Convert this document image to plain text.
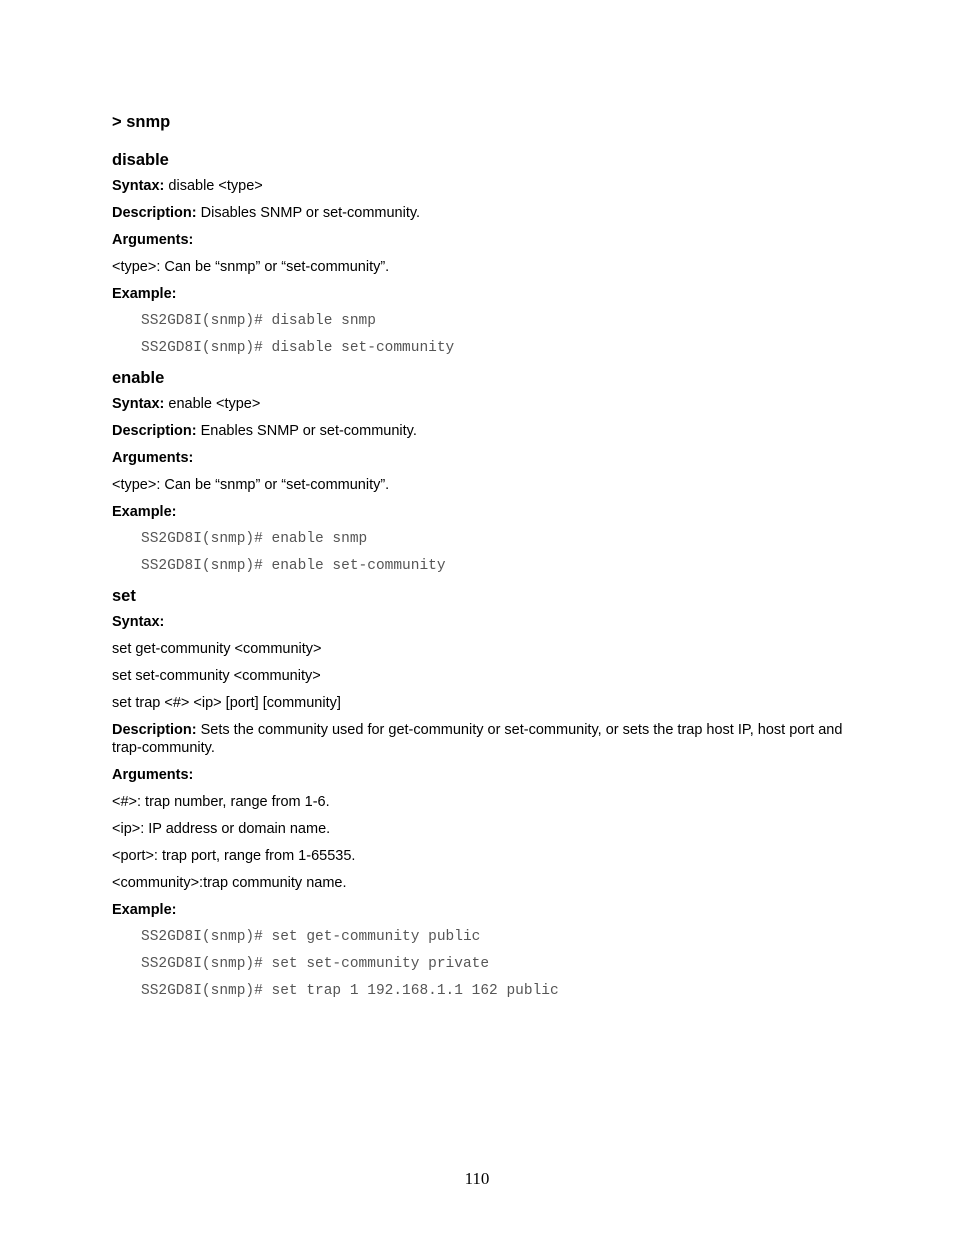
> snmp
disable
Syntax: disable <type>
Description: Disables SNMP or set-community.
Arguments:
<type>: Can be “snmp” or “set-community”.
Example:
SS2GD8I(snmp)# disable snmp
SS2GD8I(snmp)# disable set-community
enable
Syntax: enable <type>
Description: Enables SNMP or set-community.
Arguments:
<type>: Can be “snmp” or “set-community”.
Example:
SS2GD8I(snmp)# enable snmp
SS2GD8I(snmp)# enable set-community
set
Syntax:
set get-community <community>
set set-community <community>
set trap <#> <ip> [port] [community]
Description: Sets the community used for get-community or set-community, or sets the trap host IP, host port and trap-community.
Arguments:
<#>: trap number, range from 1-6.
<ip>: IP address or domain name.
<port>: trap port, range from 1-65535.
<community>:trap community name.
Example:
SS2GD8I(snmp)# set get-community public
SS2GD8I(snmp)# set set-community private
SS2GD8I(snmp)# set trap 1 192.168.1.1 162 public
110
